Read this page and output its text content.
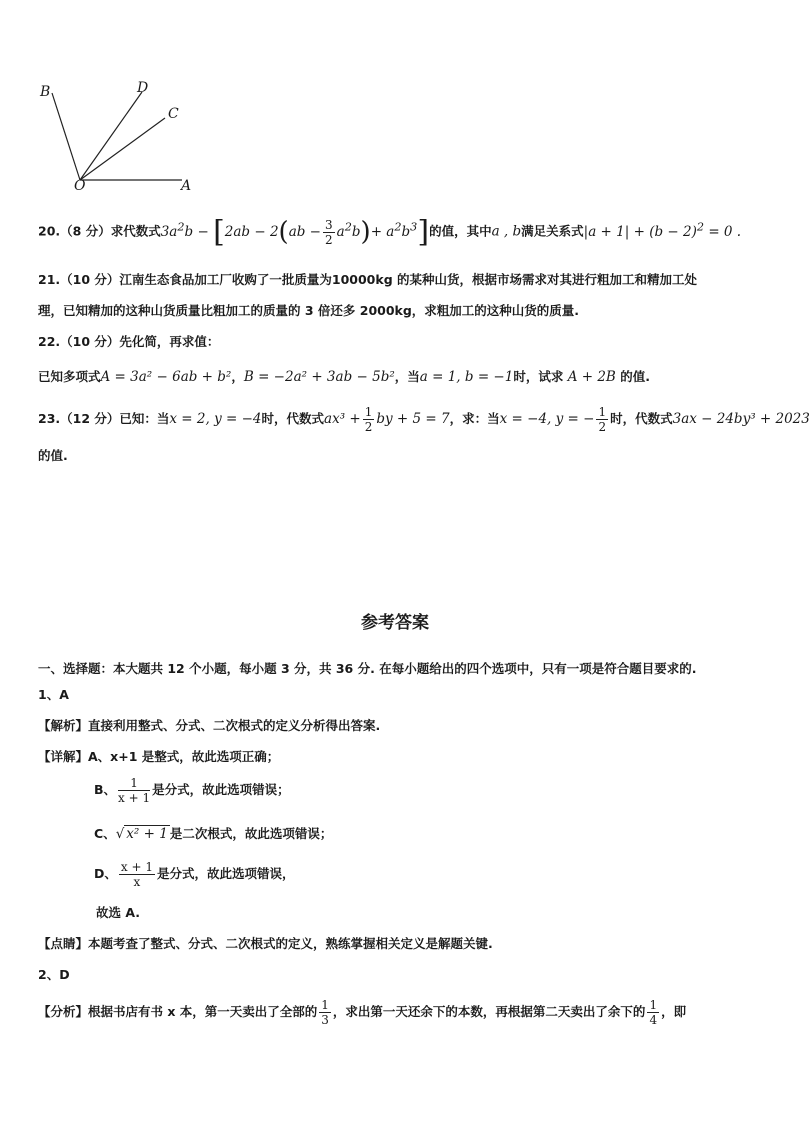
B	D
C
O	A
20.（8 分）求代数式$3a^2b - [2ab - 2(ab - \frac{3}{2} a^2b)+ a^2b^3]$的值，其中a , b满足关系式$|a + 1| + (b - 2)^2 = 0$ .
21.（10 分）江南生态食品加工厂收购了一批质量为10000kg 的某种山货，根据市场需求对其进行粗加工和精加工处
理，已知精加的这种山货质量比粗加工的质量的 3 倍还多 2000kg，求粗加工的这种山货的质量.
22.（10 分）先化简，再求值：
已知多项式A = 3a² − 6ab + b²，B = −2a² + 3ab − 5b²，当a = 1, b = −1时，试求 A + 2B 的值.
23.（12 分）已知：当x = 2, y = −4时，代数式$ax^3 + \frac{1}{2}$ by + 5 = 7，求：当x = −4, y = − $\frac{1}{2}$ 时，代数式3ax − 24by³ + 2023
的值.
参考答案
一、选择题：本大题共 12 个小题，每小题 3 分，共 36 分. 在每小题给出的四个选项中，只有一项是符合题目要求的.
1、A
【解析】直接利用整式、分式、二次根式的定义分析得出答案.
【详解】A、x+1 是整式，故此选项正确；
B、 $\frac{1}{x + 1}$ 是分式，故此选项错误；
C、√ x² + 1 是二次根式，故此选项错误；
D、 $\frac{x + 1}{x}$ 是分式，故此选项错误，
故选 A.
【点睛】本题考查了整式、分式、二次根式的定义，熟练掌握相关定义是解题关键.
2、D
【分析】根据书店有书 x 本，第一天卖出了全部的 $\frac{1}{3}$ ，求出第一天还余下的本数，再根据第二天卖出了余下的 $\frac{1}{4}$ ，即
